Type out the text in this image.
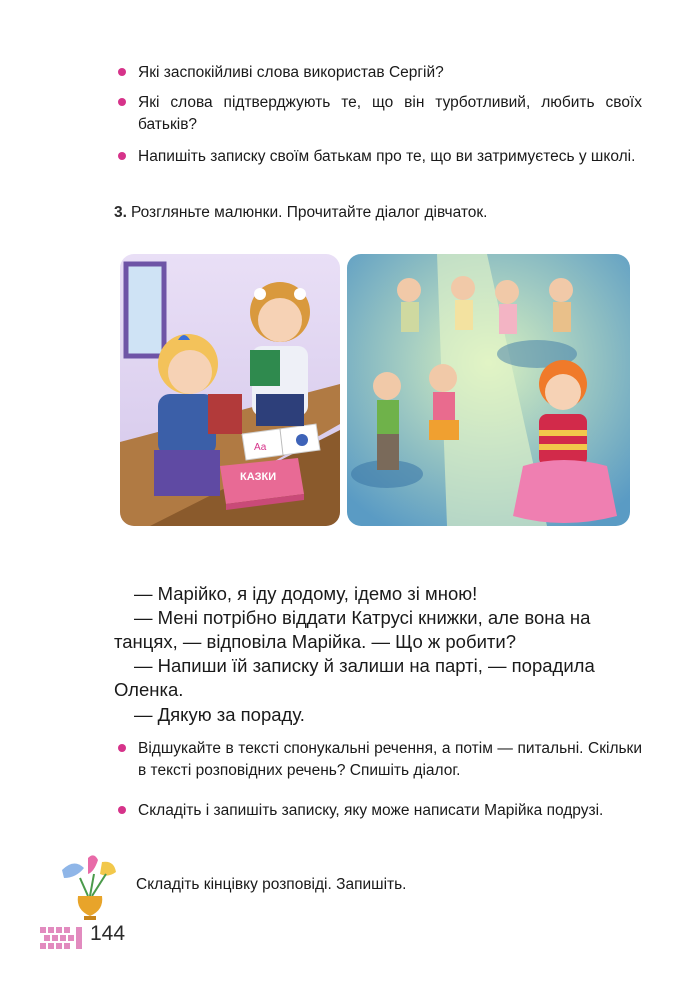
Які заспокійливі слова використав Сергій?
Які слова підтверджують те, що він турботливий, любить своїх батьків?
Напишіть записку своїм батькам про те, що ви затримуєтесь у школі.
3. Розгляньте малюнки. Прочитайте діалог дівчаток.
КАЗКИ
Аа
— Марійко, я іду додому, ідемо зі мною!
— Мені потрібно віддати Катрусі книжки, але вона на
танцях, — відповіла Марійка. — Що ж робити?
— Напиши їй записку й залиши на парті, — порадила
Оленка.
— Дякую за пораду.
Відшукайте в тексті спонукальні речення, а потім — питальні. Скільки в тексті розповідних речень? Спишіть діалог.
Складіть і запишіть записку, яку може написати Марійка подрузі.
Складіть кінцівку розповіді. Запишіть.
144
